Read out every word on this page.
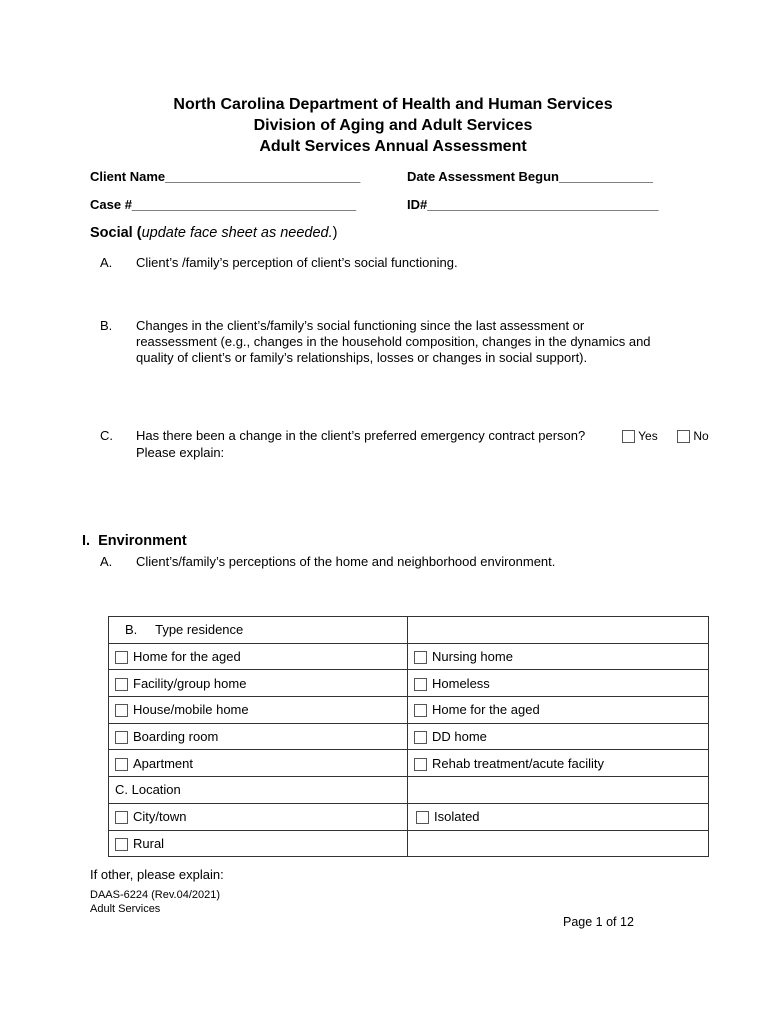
North Carolina Department of Health and Human Services
Division of Aging and Adult Services
Adult Services Annual Assessment
Client Name___________________________	Date Assessment Begun_____________
Case #_______________________________	ID#________________________________
Social (update face sheet as needed.)
A. Client’s /family’s perception of client’s social functioning.
B. Changes in the client’s/family’s social functioning since the last assessment or
reassessment (e.g., changes in the household composition, changes in the dynamics and
quality of client’s or family’s relationships, losses or changes in social support).
C. Has there been a change in the client’s preferred emergency contract person?	Yes	No
Please explain:
I.  Environment
A. Client’s/family’s perceptions of the home and neighborhood environment.
B.     Type residence	
Home for the aged	Nursing home
Facility/group home	Homeless
House/mobile home	Home for the aged
Boarding room	DD home
Apartment	Rehab treatment/acute facility
C. Location	
City/town	Isolated
Rural	
If other, please explain:
DAAS-6224 (Rev.04/2021)
Adult Services
Page 1 of 12
